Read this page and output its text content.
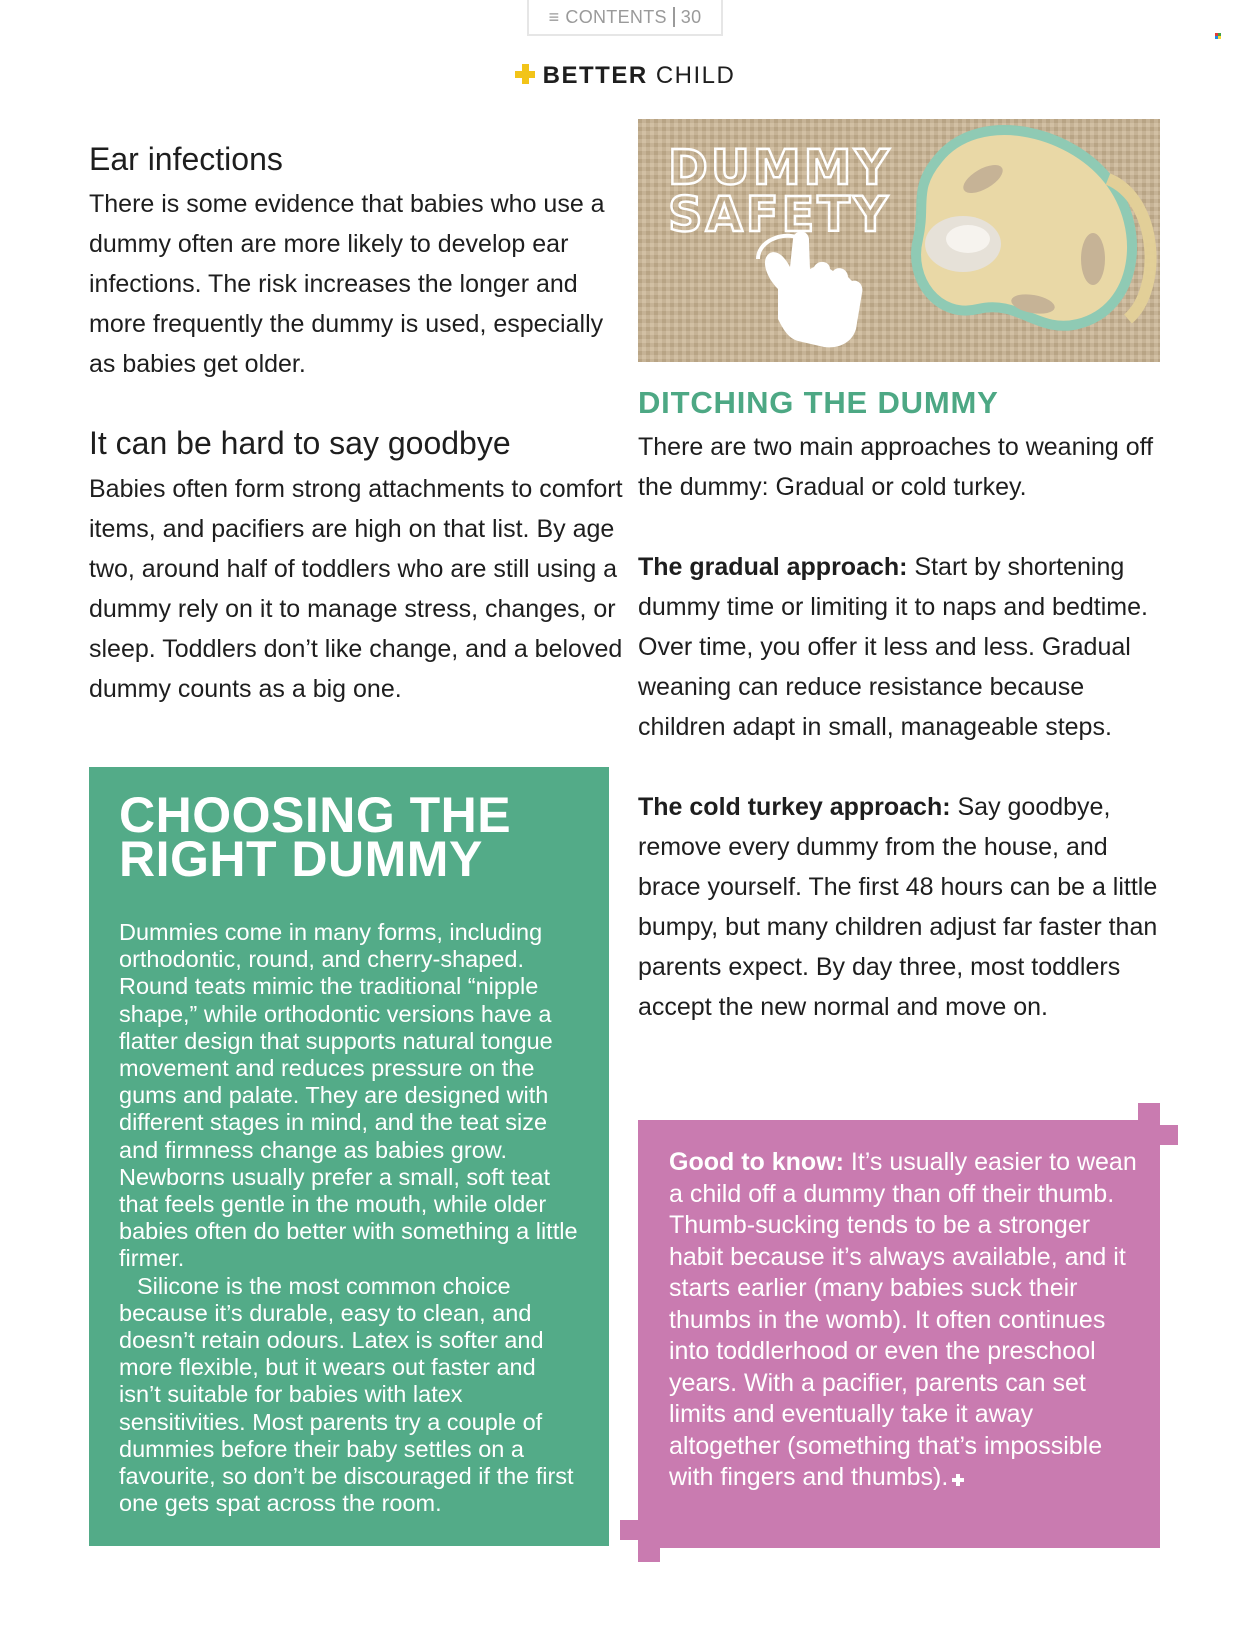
≡ CONTENTS 30
BETTER CHILD
Ear infections

There is some evidence that babies who use a dummy often are more likely to develop ear infections. The risk increases the longer and more frequently the dummy is used, especially as babies get older.

It can be hard to say goodbye

Babies often form strong attachments to comfort items, and pacifiers are high on that list. By age two, around half of toddlers who are still using a dummy rely on it to manage stress, changes, or sleep. Toddlers don’t like change, and a beloved dummy counts as a big one.

DUMMY
SAFETY
DITCHING THE DUMMY

There are two main approaches to weaning off the dummy: Gradual or cold turkey.

The gradual approach: Start by shortening dummy time or limiting it to naps and bedtime. Over time, you offer it less and less. Gradual weaning can reduce resistance because children adapt in small, manageable steps.

The cold turkey approach: Say goodbye, remove every dummy from the house, and brace yourself. The first 48 hours can be a little bumpy, but many children adjust far faster than parents expect. By day three, most toddlers accept the new normal and move on.

CHOOSING THE
RIGHT DUMMY

Dummies come in many forms, including orthodontic, round, and cherry-shaped. Round teats mimic the traditional “nipple shape,” while orthodontic versions have a flatter design that supports natural tongue movement and reduces pressure on the gums and palate. They are designed with different stages in mind, and the teat size and firmness change as babies grow. Newborns usually prefer a small, soft teat that feels gentle in the mouth, while older babies often do better with something a little firmer.

Silicone is the most common choice because it’s durable, easy to clean, and doesn’t retain odours. Latex is softer and more flexible, but it wears out faster and isn’t suitable for babies with latex sensitivities. Most parents try a couple of dummies before their baby settles on a favourite, so don’t be discouraged if the first one gets spat across the room.

Good to know: It’s usually easier to wean a child off a dummy than off their thumb. Thumb-sucking tends to be a stronger habit because it’s always available, and it starts earlier (many babies suck their thumbs in the womb). It often continues into toddlerhood or even the preschool years. With a pacifier, parents can set limits and eventually take it away altogether (something that’s impossible with fingers and thumbs).
